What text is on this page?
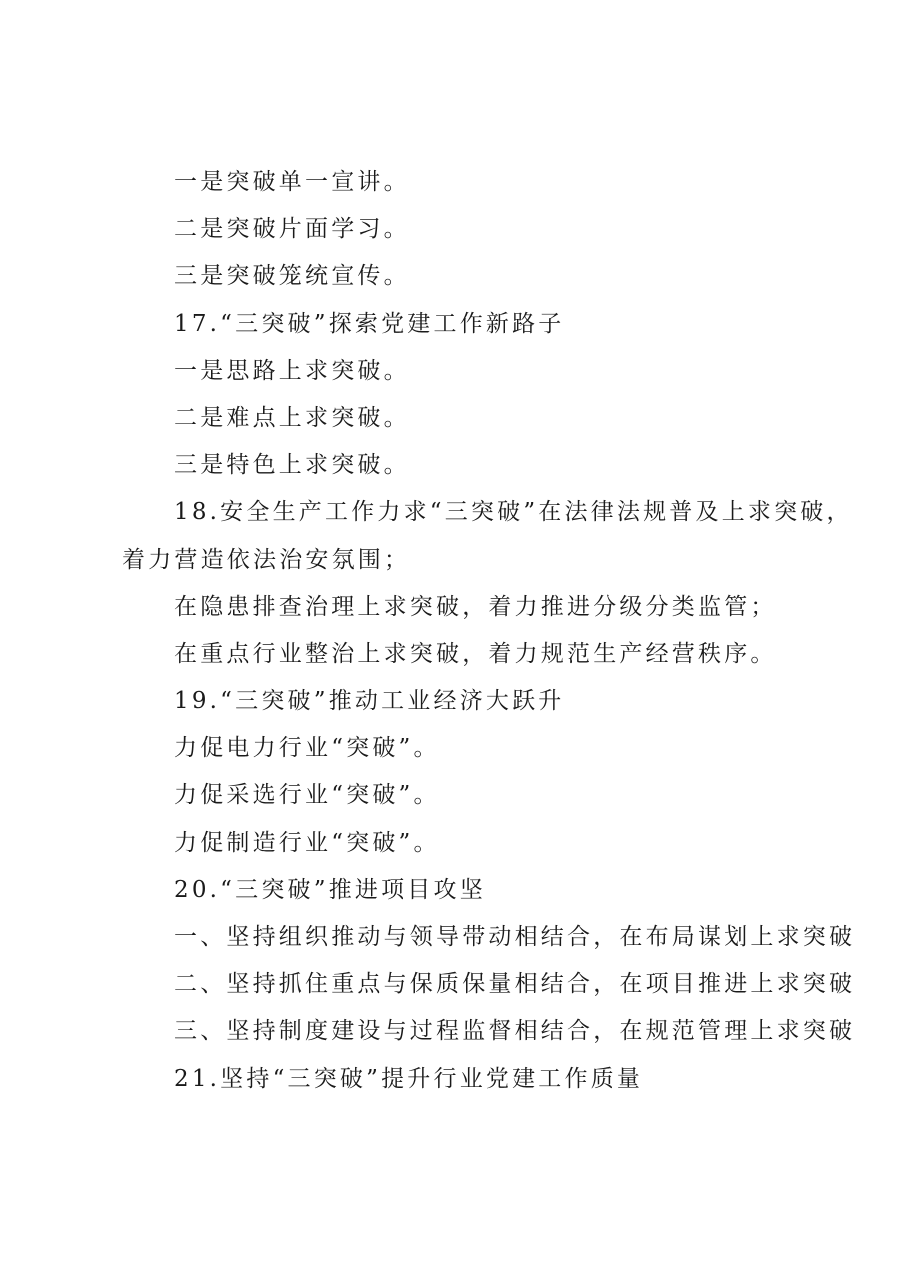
一是突破单一宣讲。
二是突破片面学习。
三是突破笼统宣传。
17.“三突破”探索党建工作新路子
一是思路上求突破。
二是难点上求突破。
三是特色上求突破。
18.安全生产工作力求“三突破”在法律法规普及上求突破，
着力营造依法治安氛围；
在隐患排查治理上求突破，着力推进分级分类监管；
在重点行业整治上求突破，着力规范生产经营秩序。
19.“三突破”推动工业经济大跃升
力促电力行业“突破”。
力促采选行业“突破”。
力促制造行业“突破”。
20.“三突破”推进项目攻坚
一、坚持组织推动与领导带动相结合，在布局谋划上求突破
二、坚持抓住重点与保质保量相结合，在项目推进上求突破
三、坚持制度建设与过程监督相结合，在规范管理上求突破
21.坚持“三突破”提升行业党建工作质量
